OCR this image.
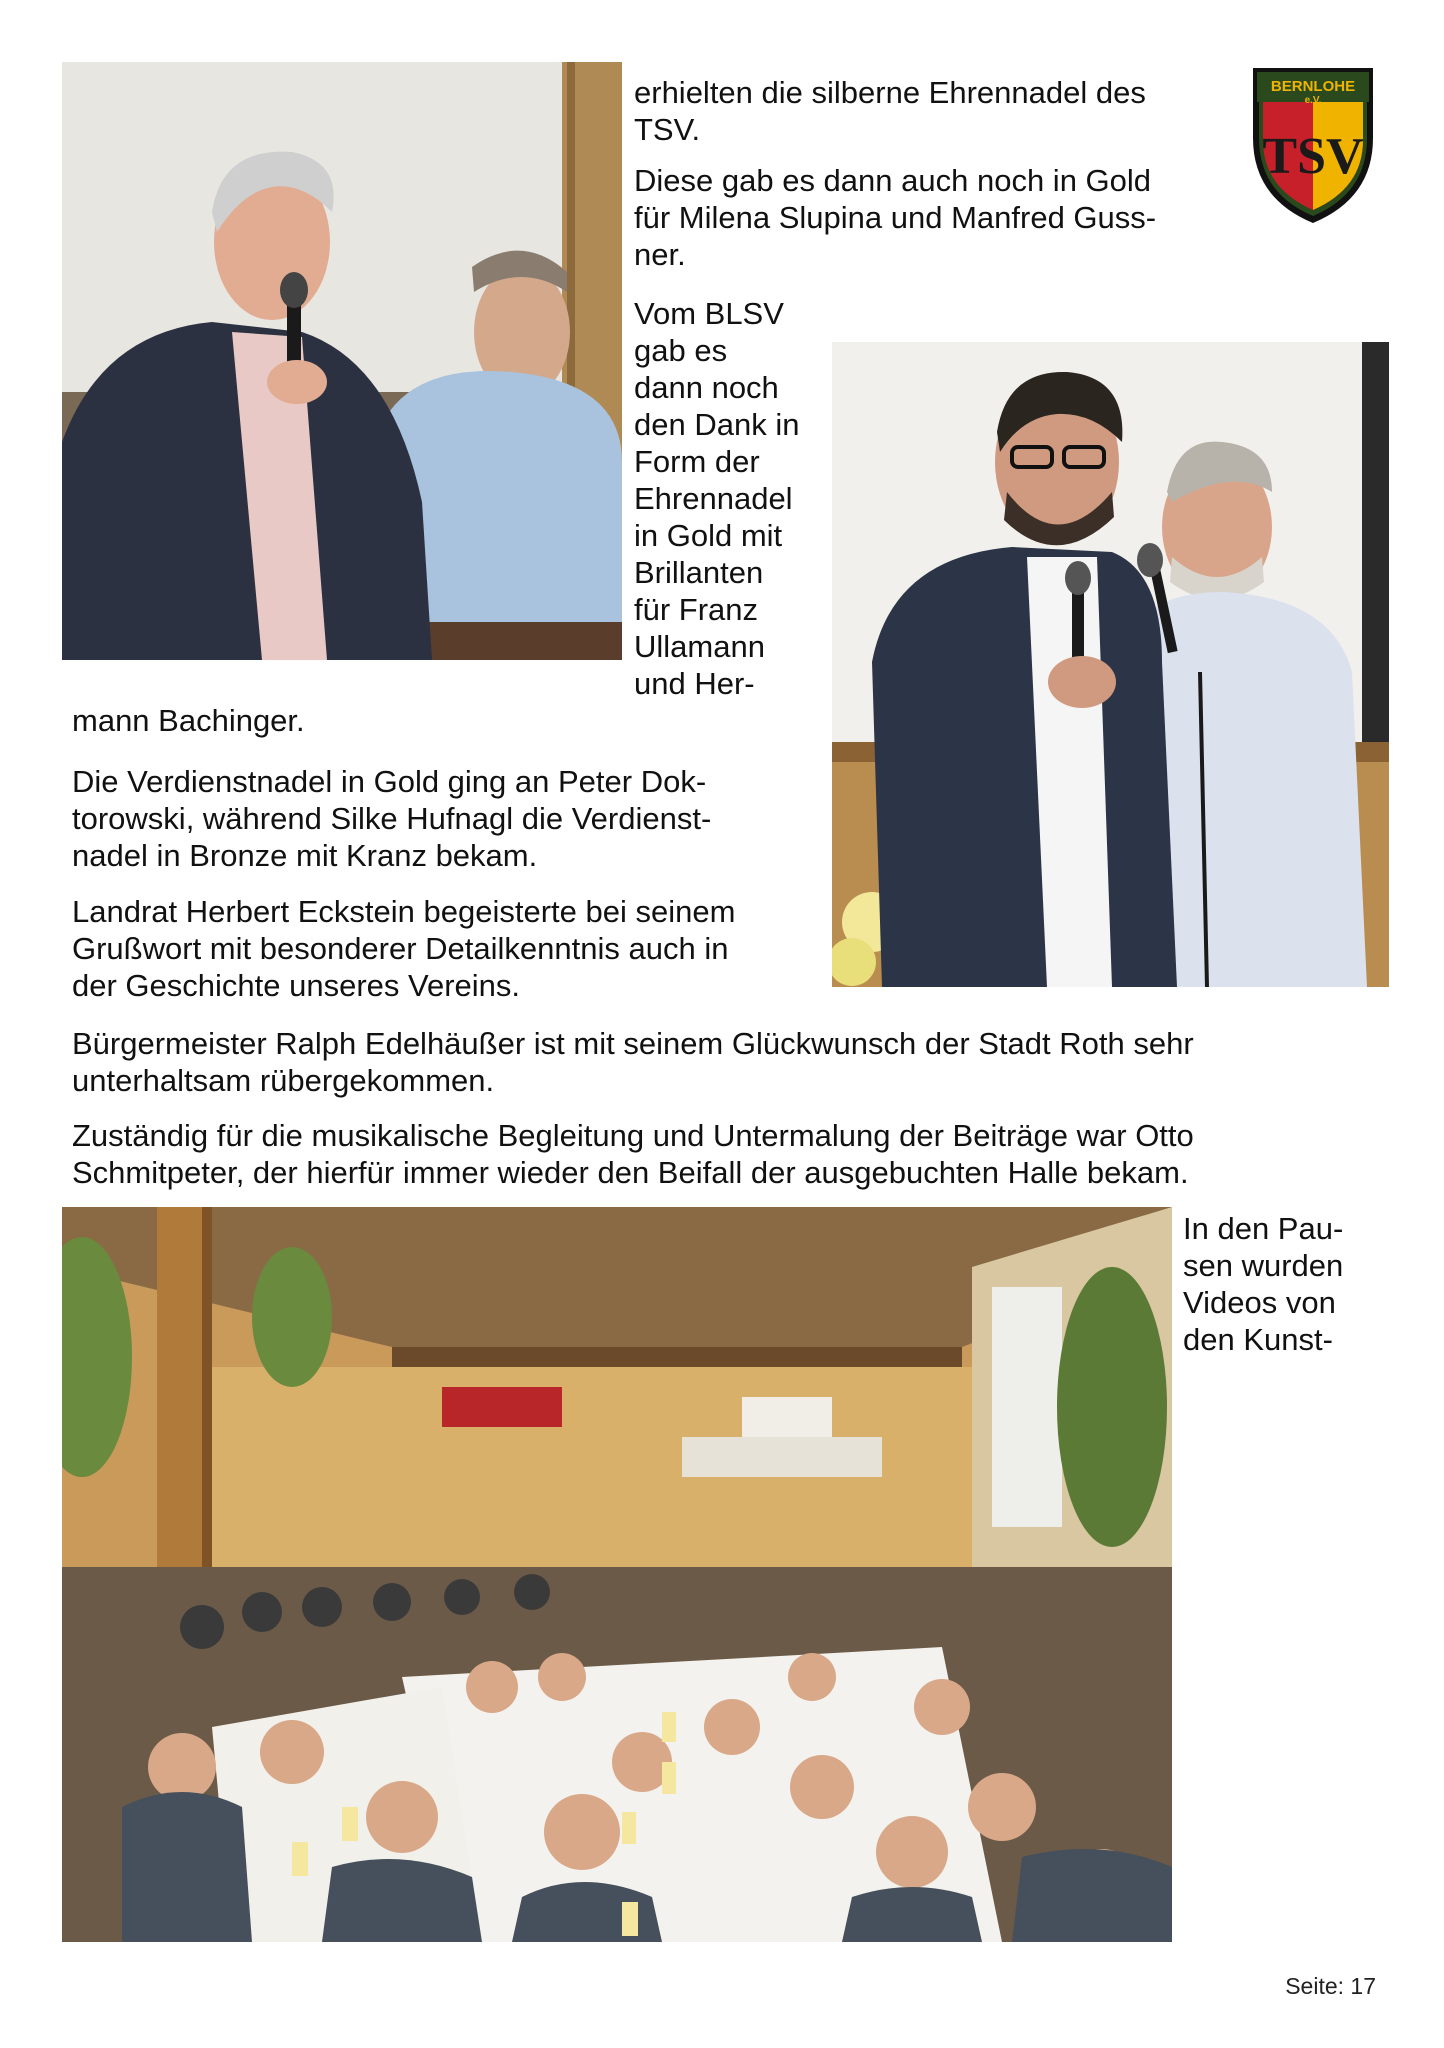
BERNLOHE
e.V.
TSV

erhielten die silberne Ehrennadel des

TSV.

Diese gab es dann auch noch in Gold

für Milena Slupina und Manfred Guss-

ner.

Vom BLSV

gab es

dann noch

den Dank in

Form der

Ehrennadel

in Gold mit

Brillanten

für Franz

Ullamann

und Her-

mann Bachinger.

Die Verdienstnadel in Gold ging an Peter Dok-

torowski, während Silke Hufnagl die Verdienst-

nadel in Bronze mit Kranz bekam.

Landrat Herbert Eckstein begeisterte bei seinem

Grußwort mit besonderer Detailkenntnis auch in

der Geschichte unseres Vereins.

Bürgermeister Ralph Edelhäußer ist mit seinem Glückwunsch der Stadt Roth sehr

unterhaltsam rübergekommen.

Zuständig für die musikalische Begleitung und Untermalung der Beiträge war Otto

Schmitpeter, der hierfür immer wieder den Beifall der ausgebuchten Halle bekam.

In den Pau-

sen wurden

Videos von

den Kunst-

Seite: 17
